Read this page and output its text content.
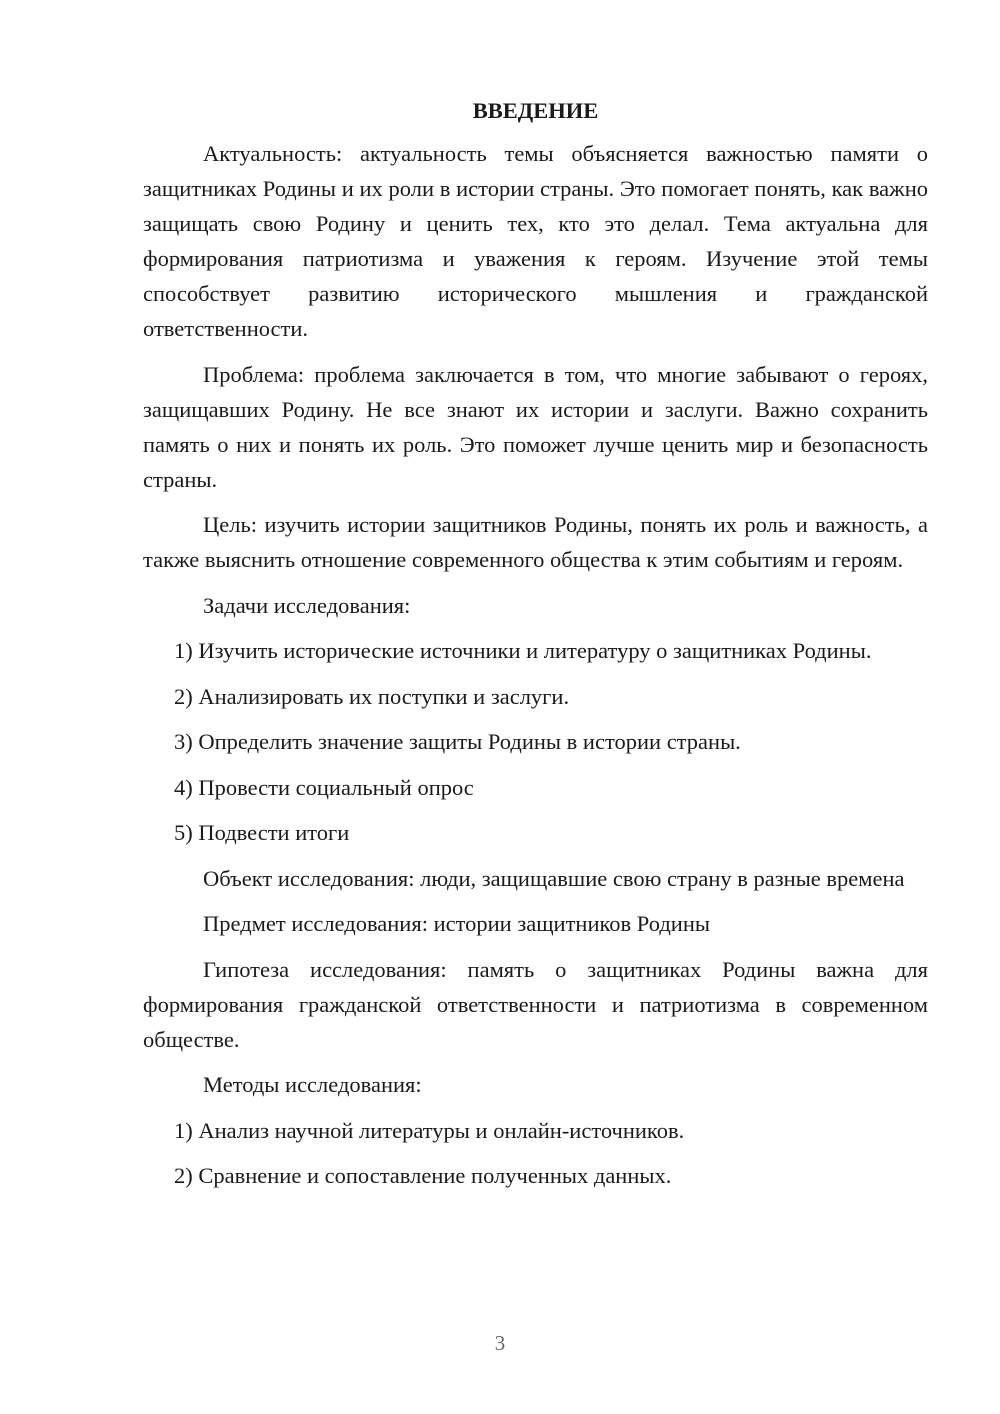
ВВЕДЕНИЕ

Актуальность: актуальность темы объясняется важностью памяти о защитниках Родины и их роли в истории страны. Это помогает понять, как важно защищать свою Родину и ценить тех, кто это делал. Тема актуальна для формирования патриотизма и уважения к героям. Изучение этой темы способствует развитию исторического мышления и гражданской ответственности.

Проблема: проблема заключается в том, что многие забывают о героях, защищавших Родину. Не все знают их истории и заслуги. Важно сохранить память о них и понять их роль. Это поможет лучше ценить мир и безопасность страны.

Цель: изучить истории защитников Родины, понять их роль и важность, а также выяснить отношение современного общества к этим событиям и героям.

Задачи исследования:

1) Изучить исторические источники и литературу о защитниках Родины.

2) Анализировать их поступки и заслуги.

3) Определить значение защиты Родины в истории страны.

4) Провести социальный опрос

5) Подвести итоги

Объект исследования: люди, защищавшие свою страну в разные времена

Предмет исследования: истории защитников Родины

Гипотеза исследования: память о защитниках Родины важна для формирования гражданской ответственности и патриотизма в современном обществе.

Методы исследования:

1) Анализ научной литературы и онлайн-источников.

2) Сравнение и сопоставление полученных данных.

3
